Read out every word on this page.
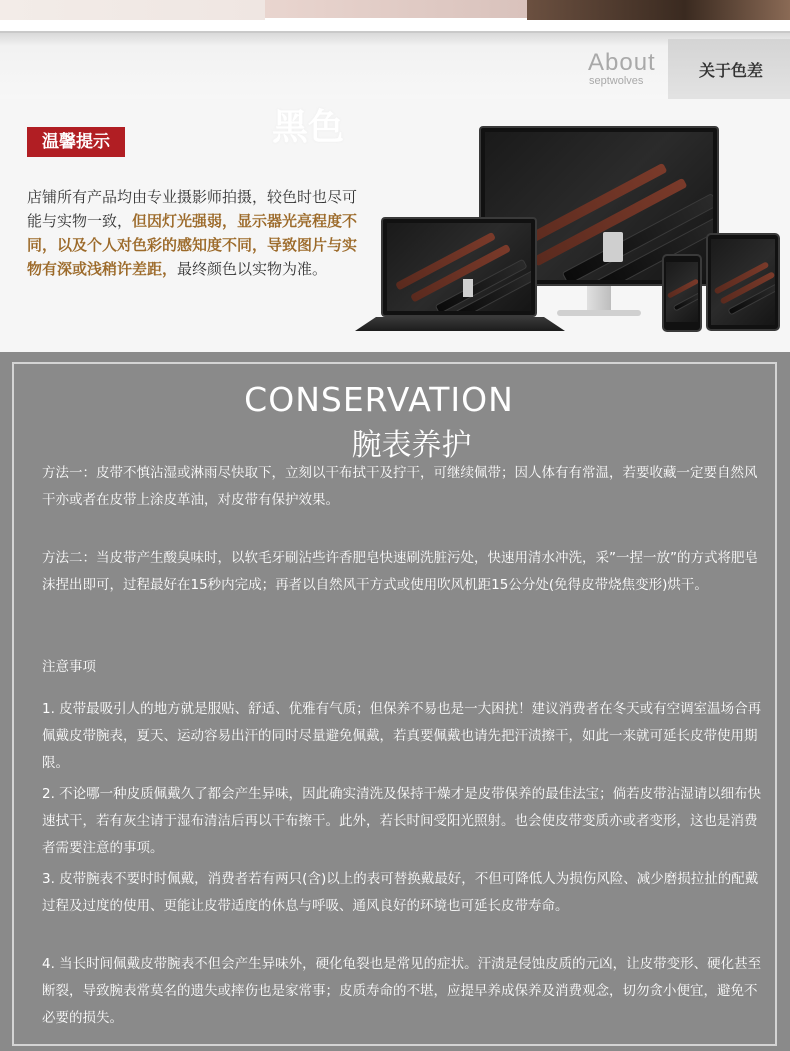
About
septwolves
关于色差
黑色
温馨提示
店铺所有产品均由专业摄影师拍摄，较色时也尽可能与实物一致，但因灯光强弱，显示器光亮程度不同，以及个人对色彩的感知度不同，导致图片与实物有深或浅稍许差距，最终颜色以实物为准。
CONSERVATION
腕表养护
方法一：皮带不慎沾湿或淋雨尽快取下，立刻以干布拭干及拧干，可继续佩带；因人体有有常温，若要收藏一定要自然风干亦或者在皮带上涂皮革油，对皮带有保护效果。
方法二：当皮带产生酸臭味时，以软毛牙刷沾些许香肥皂快速刷洗脏污处，快速用清水冲洗，采”一捏一放”的方式将肥皂沫捏出即可，过程最好在15秒内完成；再者以自然风干方式或使用吹风机距15公分处(免得皮带烧焦变形)烘干。
注意事项
1. 皮带最吸引人的地方就是服贴、舒适、优雅有气质；但保养不易也是一大困扰！建议消费者在冬天或有空调室温场合再佩戴皮带腕表，夏天、运动容易出汗的同时尽量避免佩戴，若真要佩戴也请先把汗渍擦干，如此一来就可延长皮带使用期限。
2. 不论哪一种皮质佩戴久了都会产生异味，因此确实清洗及保持干燥才是皮带保养的最佳法宝；倘若皮带沾湿请以细布快速拭干，若有灰尘请于湿布清洁后再以干布擦干。此外，若长时间受阳光照射。也会使皮带变质亦或者变形，这也是消费者需要注意的事项。
3. 皮带腕表不要时时佩戴，消费者若有两只(含)以上的表可替换戴最好，不但可降低人为损伤风险、减少磨损拉扯的配戴过程及过度的使用、更能让皮带适度的休息与呼吸、通风良好的环境也可延长皮带寿命。
4. 当长时间佩戴皮带腕表不但会产生异味外，硬化龟裂也是常见的症状。汗渍是侵蚀皮质的元凶，让皮带变形、硬化甚至断裂，导致腕表常莫名的遗失或摔伤也是家常事；皮质寿命的不堪，应提早养成保养及消费观念，切勿贪小便宜，避免不必要的损失。
